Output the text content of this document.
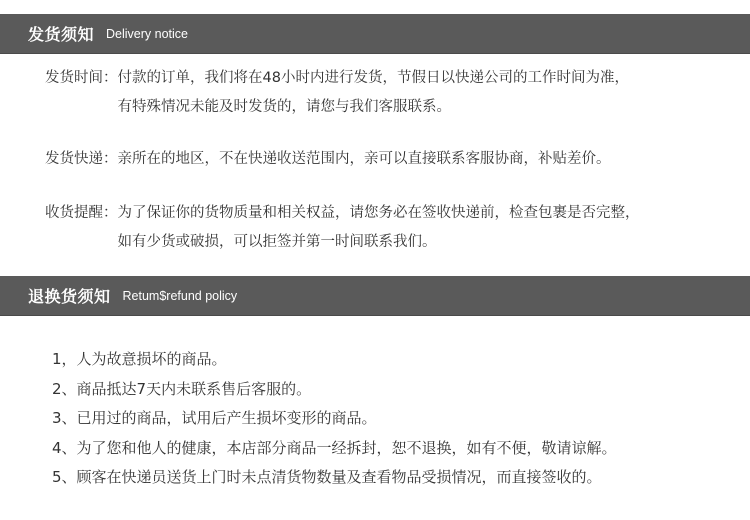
发货须知 Delivery notice
发货时间 ： 付款的订单，我们将在48小时内进行发货，节假日以快递公司的工作时间为准，
有特殊情况未能及时发货的，请您与我们客服联系。
发货快递 ： 亲所在的地区，不在快递收送范围内，亲可以直接联系客服协商，补贴差价。
收货提醒 ： 为了保证你的货物质量和相关权益，请您务必在签收快递前，检查包裹是否完整，
如有少货或破损，可以拒签并第一时间联系我们。
退换货须知 Retum$refund policy
1，人为故意损坏的商品。
2、商品抵达7天内未联系售后客服的。
3、已用过的商品，试用后产生损坏变形的商品。
4、为了您和他人的健康，本店部分商品一经拆封，恕不退换，如有不便，敬请谅解。
5、顾客在快递员送货上门时未点清货物数量及查看物品受损情况，而直接签收的。
